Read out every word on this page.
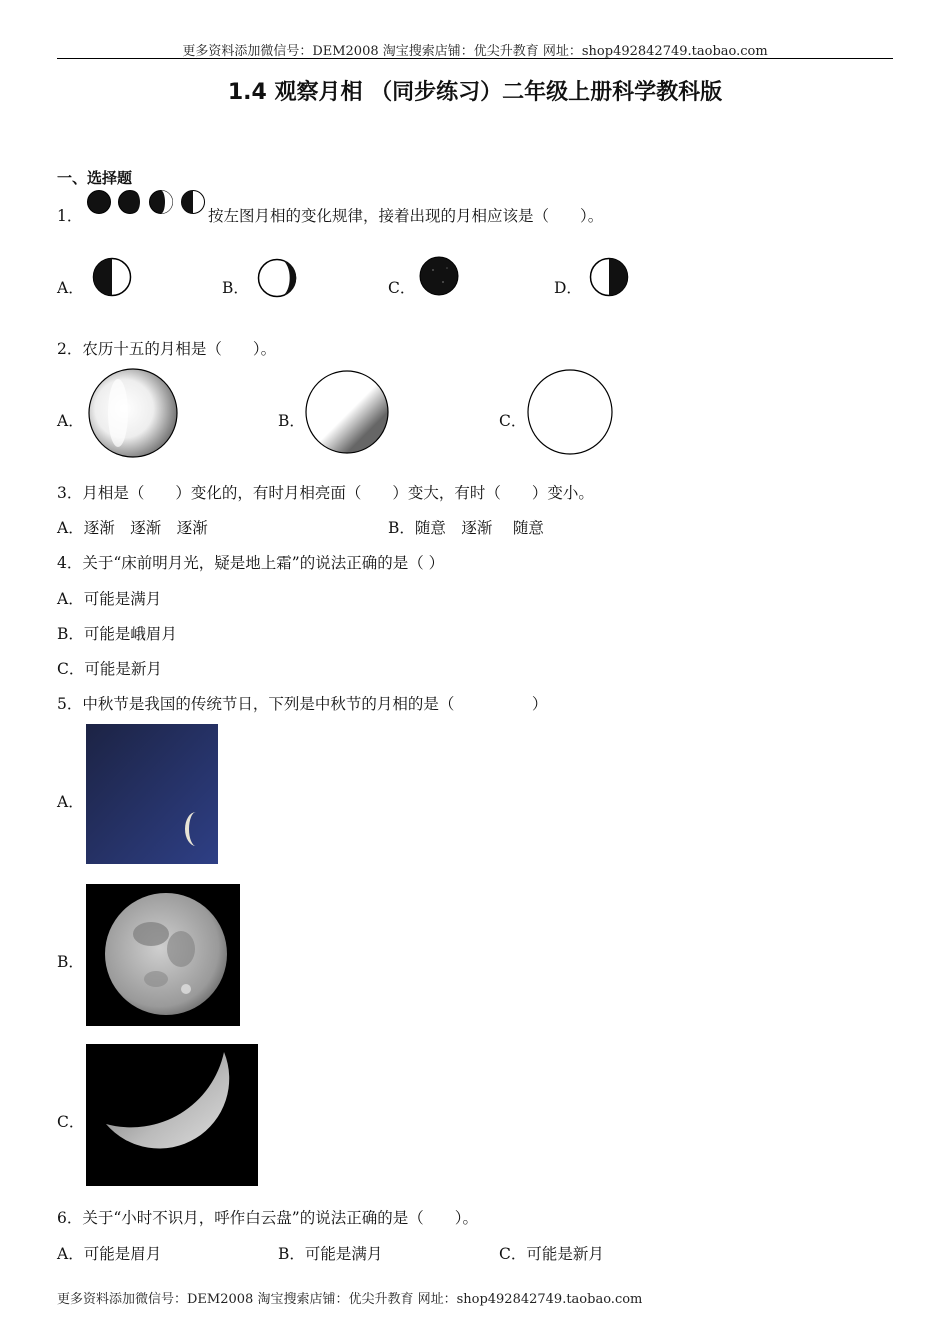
更多资料添加微信号：DEM2008 淘宝搜索店铺：优尖升教育 网址：shop492842749.taobao.com
1.4 观察月相 （同步练习）二年级上册科学教科版
一、选择题
1．	按左图月相的变化规律，接着出现的月相应该是（　　）。
A．	B．	C．	D．
2．农历十五的月相是（　　）。
A．	B．	C．
3．月相是（　　）变化的，有时月相亮面（　　）变大，有时（　　）变小。
A．逐渐　逐渐　逐渐	B．随意　逐渐　 随意
4．关于“床前明月光，疑是地上霜”的说法正确的是（ ）
A．可能是满月
B．可能是峨眉月
C．可能是新月
5．中秋节是我国的传统节日，下列是中秋节的月相的是（　　　　　）
A．
B．
C．
6．关于“小时不识月，呼作白云盘”的说法正确的是（　　）。
A．可能是眉月	B．可能是满月	C．可能是新月
更多资料添加微信号：DEM2008 淘宝搜索店铺：优尖升教育 网址：shop492842749.taobao.com
